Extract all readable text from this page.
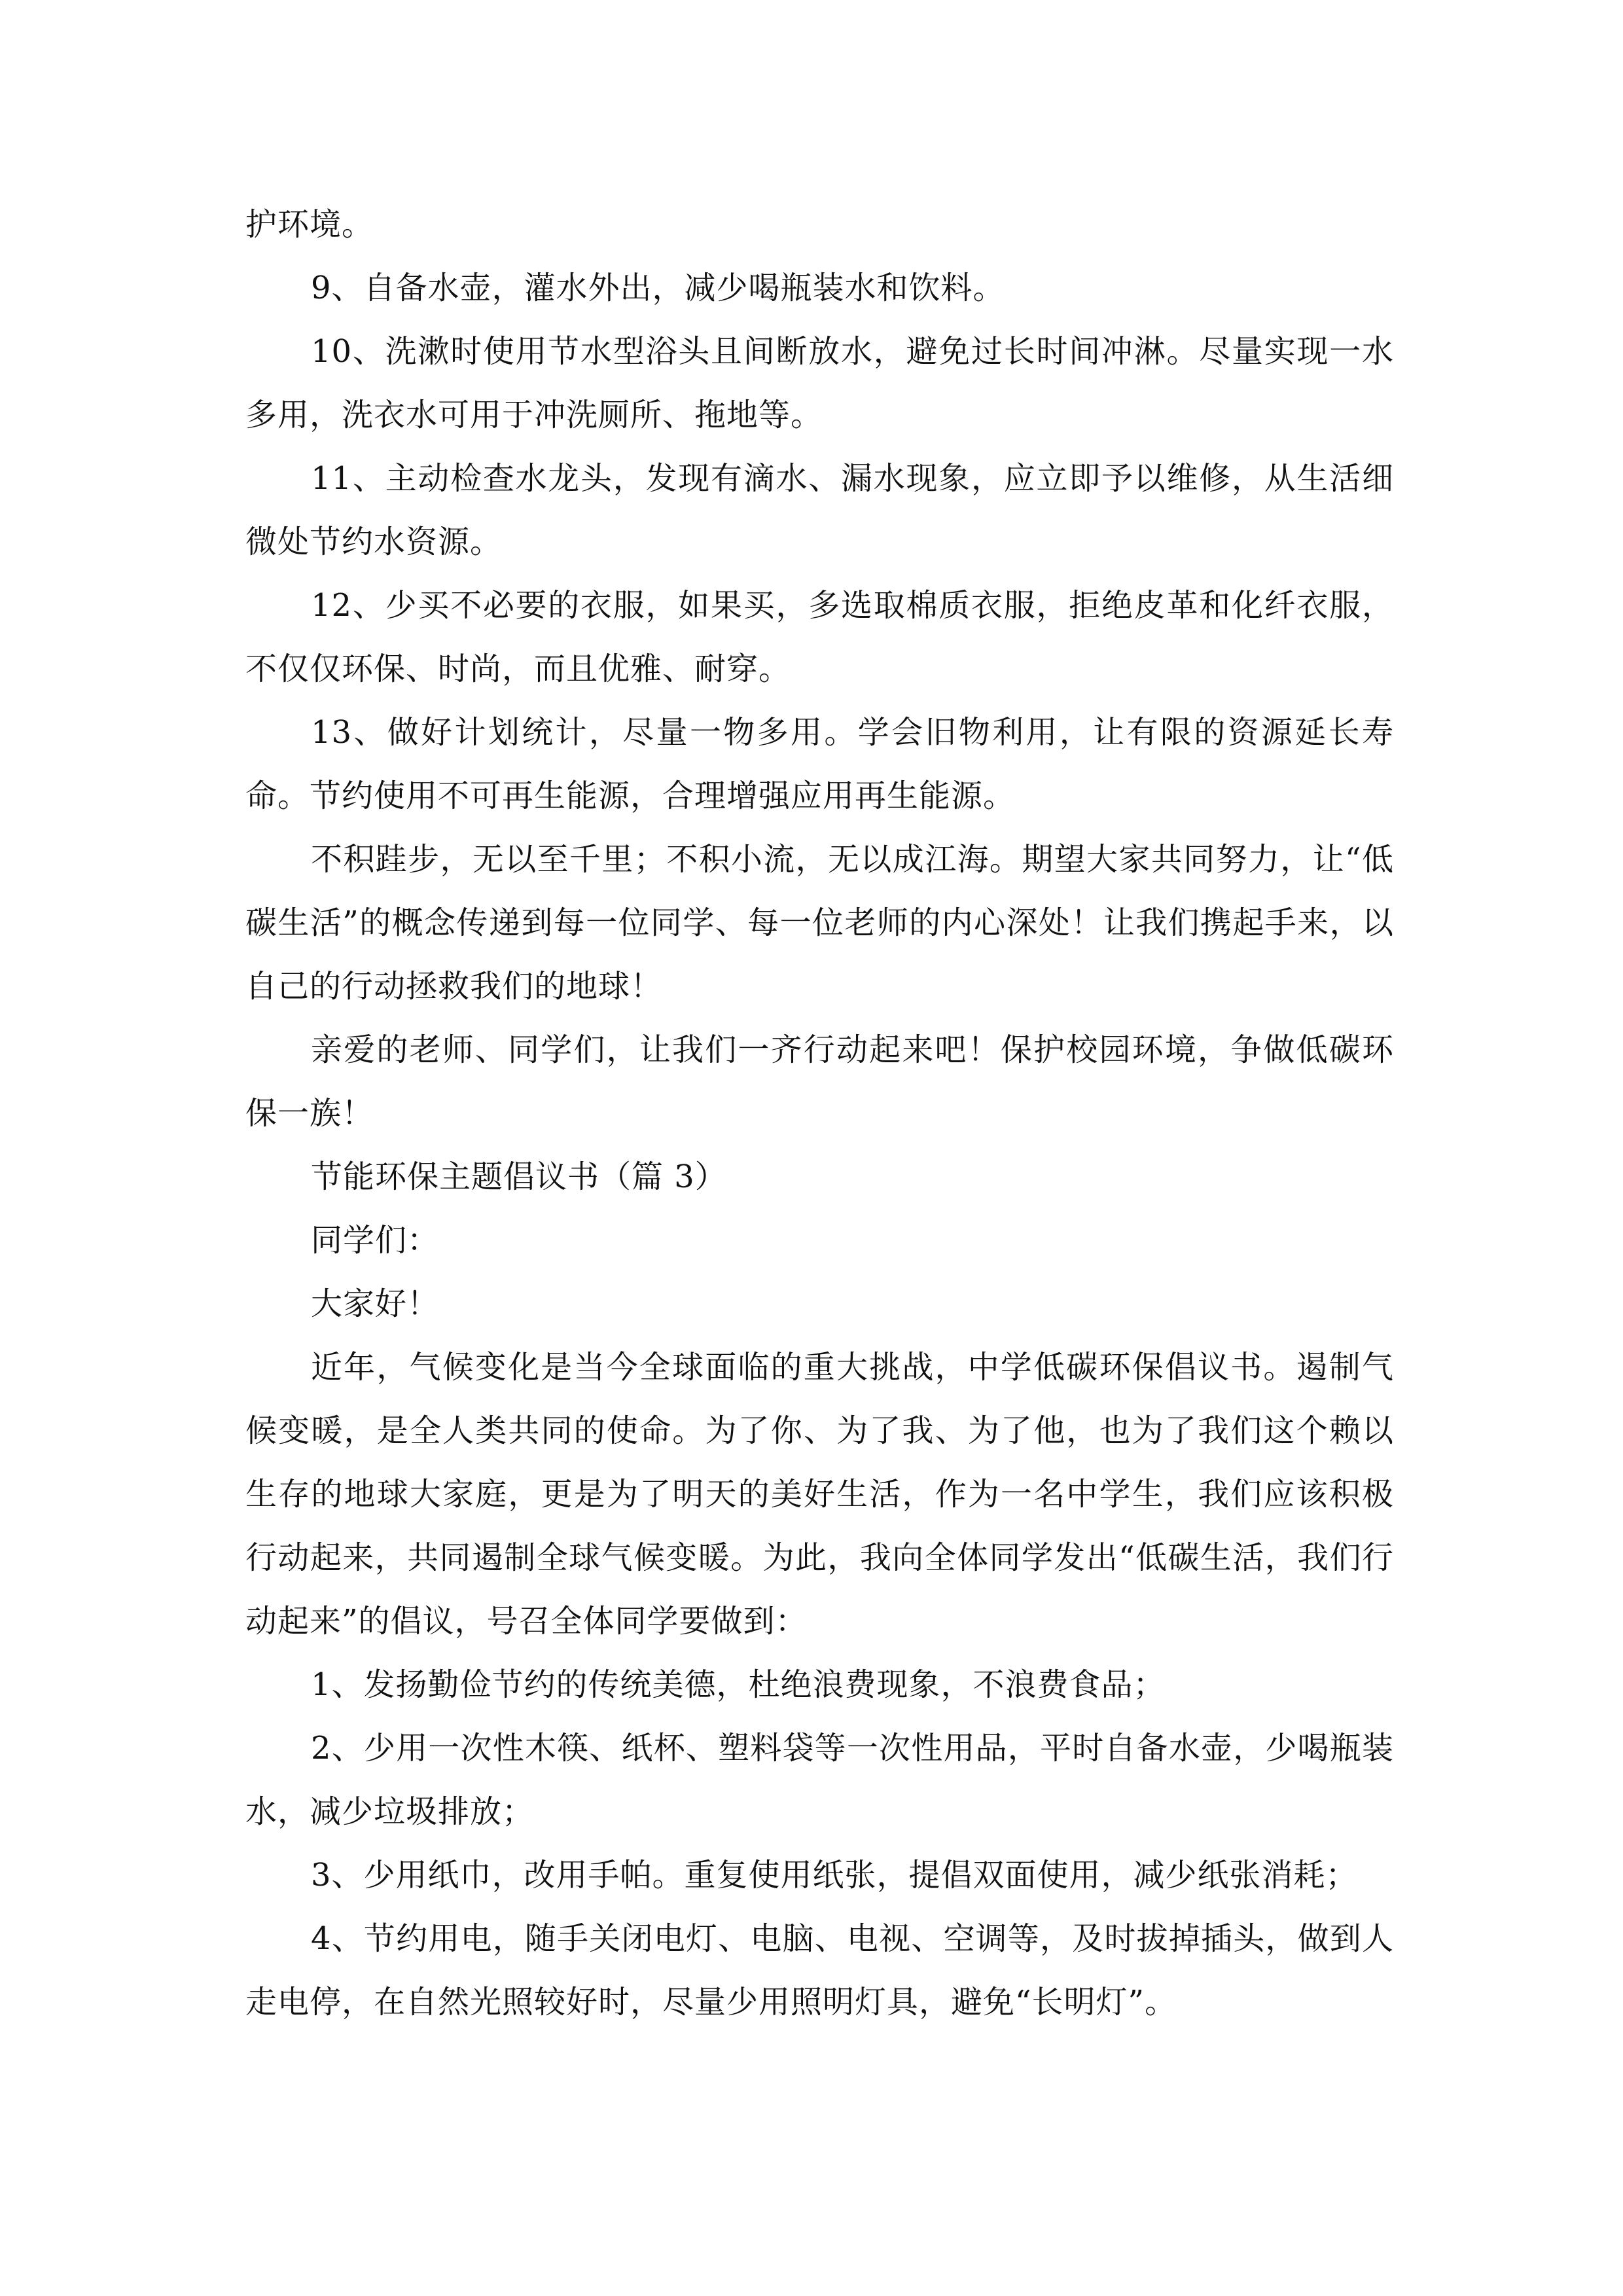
护环境。

9、自备水壶，灌水外出，减少喝瓶装水和饮料。

10、洗漱时使用节水型浴头且间断放水，避免过长时间冲淋。尽量实现一水多用，洗衣水可用于冲洗厕所、拖地等。

11、主动检查水龙头，发现有滴水、漏水现象，应立即予以维修，从生活细微处节约水资源。

12、少买不必要的衣服，如果买，多选取棉质衣服，拒绝皮革和化纤衣服，不仅仅环保、时尚，而且优雅、耐穿。

13、做好计划统计，尽量一物多用。学会旧物利用，让有限的资源延长寿命。节约使用不可再生能源，合理增强应用再生能源。

不积跬步，无以至千里；不积小流，无以成江海。期望大家共同努力，让“低碳生活”的概念传递到每一位同学、每一位老师的内心深处！让我们携起手来，以自己的行动拯救我们的地球！

亲爱的老师、同学们，让我们一齐行动起来吧！保护校园环境，争做低碳环保一族！

节能环保主题倡议书（篇 3）

同学们：

大家好！

近年，气候变化是当今全球面临的重大挑战，中学低碳环保倡议书。遏制气候变暖，是全人类共同的使命。为了你、为了我、为了他，也为了我们这个赖以生存的地球大家庭，更是为了明天的美好生活，作为一名中学生，我们应该积极行动起来，共同遏制全球气候变暖。为此，我向全体同学发出“低碳生活，我们行动起来”的倡议，号召全体同学要做到：

1、发扬勤俭节约的传统美德，杜绝浪费现象，不浪费食品；

2、少用一次性木筷、纸杯、塑料袋等一次性用品，平时自备水壶，少喝瓶装水，减少垃圾排放；

3、少用纸巾，改用手帕。重复使用纸张，提倡双面使用，减少纸张消耗；

4、节约用电，随手关闭电灯、电脑、电视、空调等，及时拔掉插头，做到人走电停，在自然光照较好时，尽量少用照明灯具，避免“长明灯”。
